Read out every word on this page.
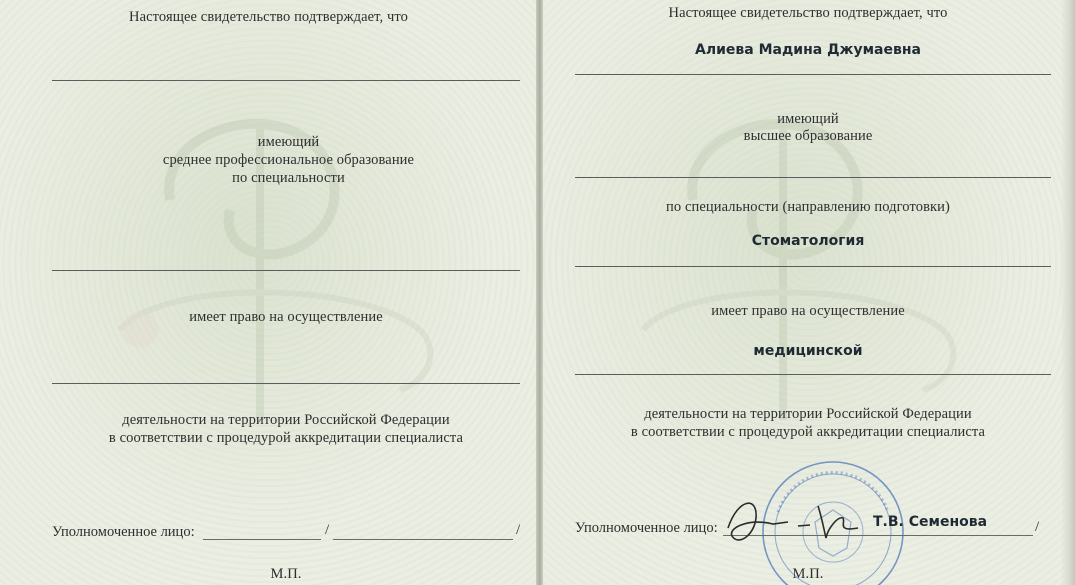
Настоящее свидетельство подтверждает, что
имеющий
среднее профессиональное образование
по специальности
имеет право на осуществление
деятельности на территории Российской Федерации
в соответствии с процедурой аккредитации специалиста
Уполномоченное лицо:	/	/
М.П.
Настоящее свидетельство подтверждает, что
Алиева Мадина Джумаевна
имеющий
высшее образование
по специальности (направлению подготовки)
Стоматология
имеет право на осуществление
медицинской
деятельности на территории Российской Федерации
в соответствии с процедурой аккредитации специалиста
Уполномоченное лицо:	Т.В. Семенова	/
М.П.
